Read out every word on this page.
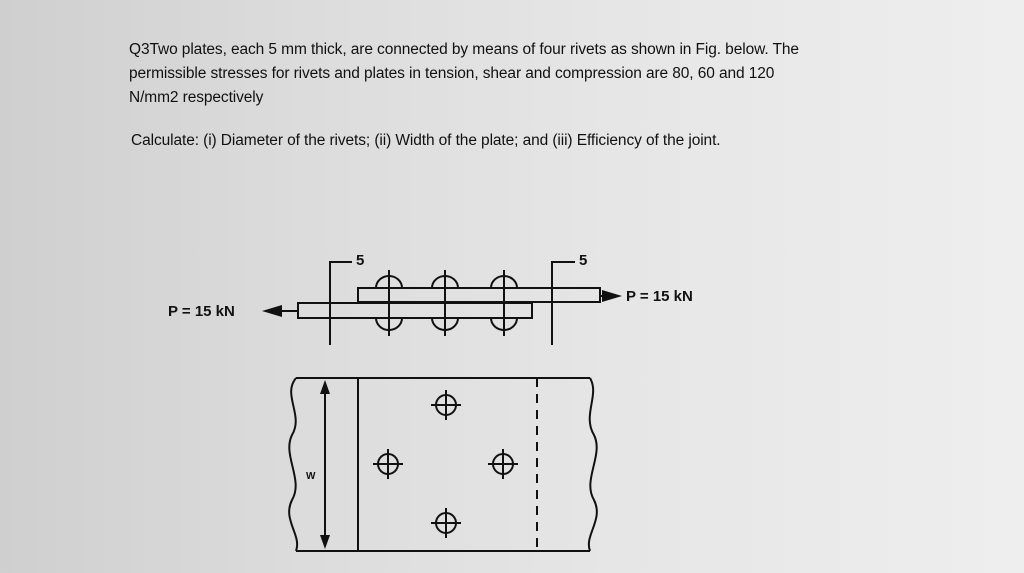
Q3Two plates, each 5 mm thick, are connected by means of four rivets as shown in Fig. below. The

permissible stresses for rivets and plates in tension, shear and compression are 80, 60 and 120

N/mm2 respectively

Calculate: (i) Diameter of the rivets; (ii) Width of the plate; and (iii) Efficiency of the joint.
5	5
P = 15 kN
P = 15 kN
W
